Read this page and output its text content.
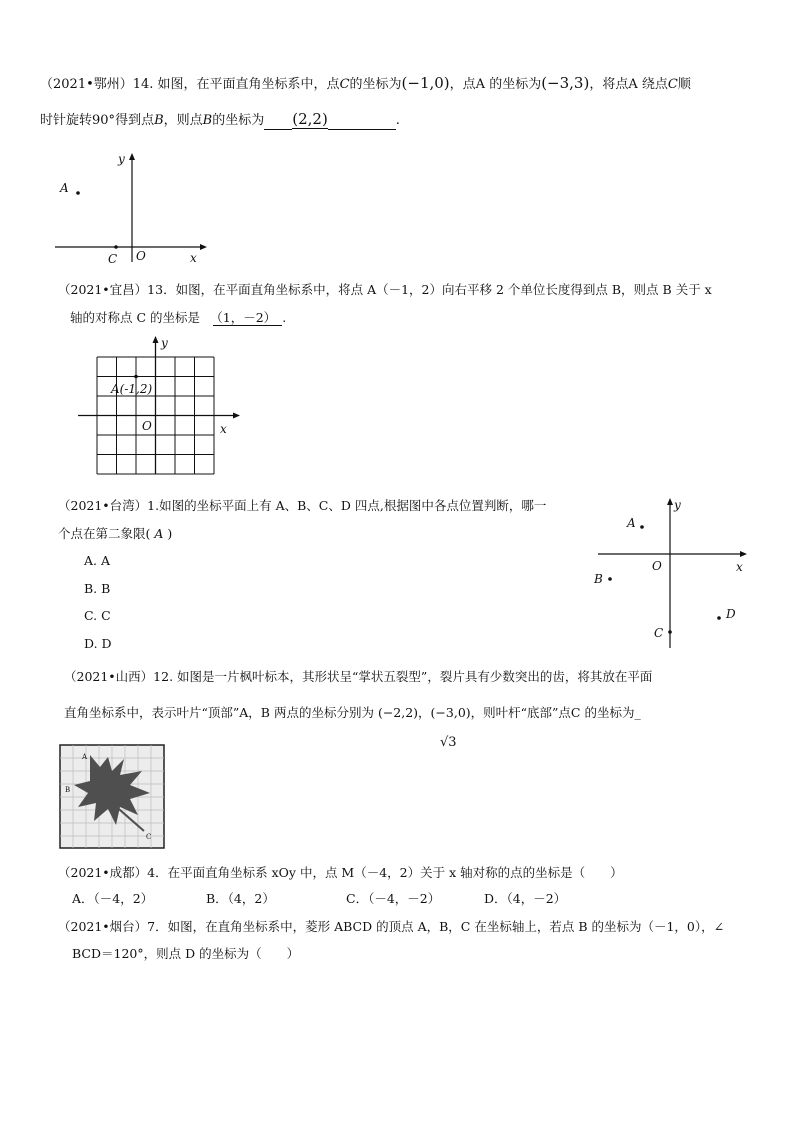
（2021•鄂州）14. 如图，在平面直角坐标系中，点C的坐标为(−1,0)，点A 的坐标为(−3,3)，将点A 绕点C顺
时针旋转90°得到点B，则点B的坐标为 (2,2)	.
A
C O	x
y
（2021•宜昌）13．如图，在平面直角坐标系中，将点 A（－1，2）向右平移 2 个单位长度得到点 B，则点 B 关于 x
轴的对称点 C 的坐标是　 （1，－2） .
A(-1,2)
O	x
y
（2021•台湾）1.如图的坐标平面上有 A、B、C、D 四点,根据图中各点位置判断，哪一
个点在第二象限( A )
A. A
B. B
C. C
D. D
A
B
C
D
O	x
y
（2021•山西）12. 如图是一片枫叶标本，其形状呈“掌状五裂型”，裂片具有少数突出的齿，将其放在平面
直角坐标系中，表示叶片“顶部”A，B 两点的坐标分别为 (−2,2)，(−3,0)，则叶杆“底部”点C 的坐标为_
√3
A
B
C
（2021•成都）4．在平面直角坐标系 xOy 中，点 M（－4，2）关于 x 轴对称的点的坐标是（　　）
A．（－4，2）	B．（4，2）	C．（－4，－2）	D．（4，－2）
（2021•烟台）7．如图，在直角坐标系中，菱形 ABCD 的顶点 A，B，C 在坐标轴上，若点 B 的坐标为（－1，0），∠
BCD＝120°，则点 D 的坐标为（　　）
